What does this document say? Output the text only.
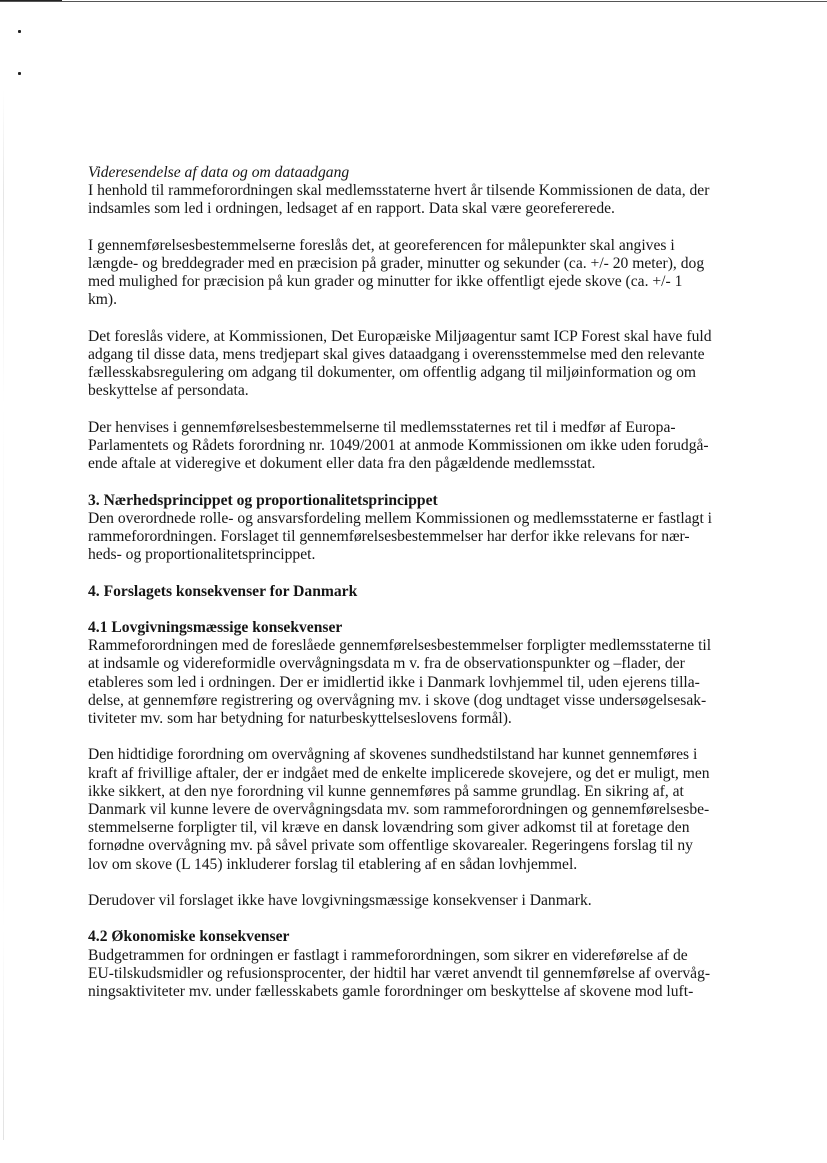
Videresendelse af data og om dataadgang
I henhold til rammeforordningen skal medlemsstaterne hvert år tilsende Kommissionen de data, der
indsamles som led i ordningen, ledsaget af en rapport. Data skal være georefererede.

I gennemførelsesbestemmelserne foreslås det, at georeferencen for målepunkter skal angives i
længde- og breddegrader med en præcision på grader, minutter og sekunder (ca. +/- 20 meter), dog
med mulighed for præcision på kun grader og minutter for ikke offentligt ejede skove (ca. +/- 1
km).

Det foreslås videre, at Kommissionen, Det Europæiske Miljøagentur samt ICP Forest skal have fuld
adgang til disse data, mens tredjepart skal gives dataadgang i overensstemmelse med den relevante
fællesskabsregulering om adgang til dokumenter, om offentlig adgang til miljøinformation og om
beskyttelse af persondata.

Der henvises i gennemførelsesbestemmelserne til medlemsstaternes ret til i medfør af Europa-
Parlamentets og Rådets forordning nr. 1049/2001 at anmode Kommissionen om ikke uden forudgå-
ende aftale at videregive et dokument eller data fra den pågældende medlemsstat.

3. Nærhedsprincippet og proportionalitetsprincippet
Den overordnede rolle- og ansvarsfordeling mellem Kommissionen og medlemsstaterne er fastlagt i
rammeforordningen. Forslaget til gennemførelsesbestemmelser har derfor ikke relevans for nær-
heds- og proportionalitetsprincippet.

4. Forslagets konsekvenser for Danmark

4.1 Lovgivningsmæssige konsekvenser
Rammeforordningen med de foreslåede gennemførelsesbestemmelser forpligter medlemsstaterne til
at indsamle og videreformidle overvågningsdata m v. fra de observationspunkter og –flader, der
etableres som led i ordningen. Der er imidlertid ikke i Danmark lovhjemmel til, uden ejerens tilla-
delse, at gennemføre registrering og overvågning mv. i skove (dog undtaget visse undersøgelsesak-
tiviteter mv. som har betydning for naturbeskyttelseslovens formål).

Den hidtidige forordning om overvågning af skovenes sundhedstilstand har kunnet gennemføres i
kraft af frivillige aftaler, der er indgået med de enkelte implicerede skovejere, og det er muligt, men
ikke sikkert, at den nye forordning vil kunne gennemføres på samme grundlag. En sikring af, at
Danmark vil kunne levere de overvågningsdata mv. som rammeforordningen og gennemførelsesbe-
stemmelserne forpligter til, vil kræve en dansk lovændring som giver adkomst til at foretage den
fornødne overvågning mv. på såvel private som offentlige skovarealer. Regeringens forslag til ny
lov om skove (L 145) inkluderer forslag til etablering af en sådan lovhjemmel.

Derudover vil forslaget ikke have lovgivningsmæssige konsekvenser i Danmark.

4.2 Økonomiske konsekvenser
Budgetrammen for ordningen er fastlagt i rammeforordningen, som sikrer en videreførelse af de
EU-tilskudsmidler og refusionsprocenter, der hidtil har været anvendt til gennemførelse af overvåg-
ningsaktiviteter mv. under fællesskabets gamle forordninger om beskyttelse af skovene mod luft-
